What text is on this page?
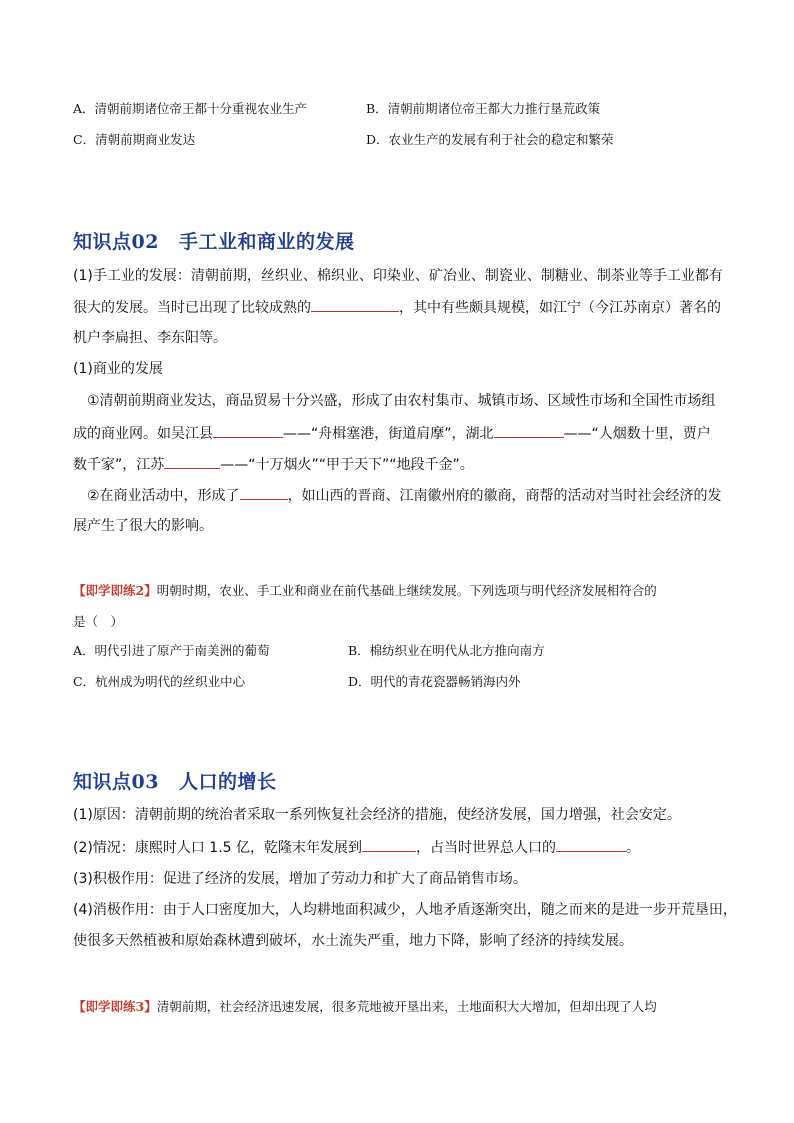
A．清朝前期诸位帝王都十分重视农业生产	B．清朝前期诸位帝王都大力推行垦荒政策
C．清朝前期商业发达	D．农业生产的发展有利于社会的稳定和繁荣
知识点02 手工业和商业的发展
(1)手工业的发展：清朝前期，丝织业、棉织业、印染业、矿冶业、制瓷业、制糖业、制茶业等手工业都有
很大的发展。当时已出现了比较成熟的	，其中有些颇具规模，如江宁（今江苏南京）著名的
机户李扁担、李东阳等。
(1)商业的发展
①清朝前期商业发达，商品贸易十分兴盛，形成了由农村集市、城镇市场、区域性市场和全国性市场组
成的商业网。如吴江县	——“舟楫塞港，街道肩摩”，湖北	——“人烟数十里，贾户
数千家”，江苏	——“十万烟火”“甲于天下”“地段千金”。
②在商业活动中，形成了	，如山西的晋商、江南徽州府的徽商，商帮的活动对当时社会经济的发
展产生了很大的影响。
【即学即练2】明朝时期，农业、手工业和商业在前代基础上继续发展。下列选项与明代经济发展相符合的
是（　）
A．明代引进了原产于南美洲的葡萄	B．棉纺织业在明代从北方推向南方
C．杭州成为明代的丝织业中心	D．明代的青花瓷器畅销海内外
知识点03 人口的增长
(1)原因：清朝前期的统治者采取一系列恢复社会经济的措施，使经济发展，国力增强，社会安定。
(2)情况：康熙时人口 1.5 亿，乾隆末年发展到	，占当时世界总人口的	。
(3)积极作用：促进了经济的发展，增加了劳动力和扩大了商品销售市场。
(4)消极作用：由于人口密度加大，人均耕地面积减少，人地矛盾逐渐突出，随之而来的是进一步开荒垦田，
使很多天然植被和原始森林遭到破坏，水土流失严重，地力下降，影响了经济的持续发展。
【即学即练3】清朝前期，社会经济迅速发展，很多荒地被开垦出来，土地面积大大增加，但却出现了人均
